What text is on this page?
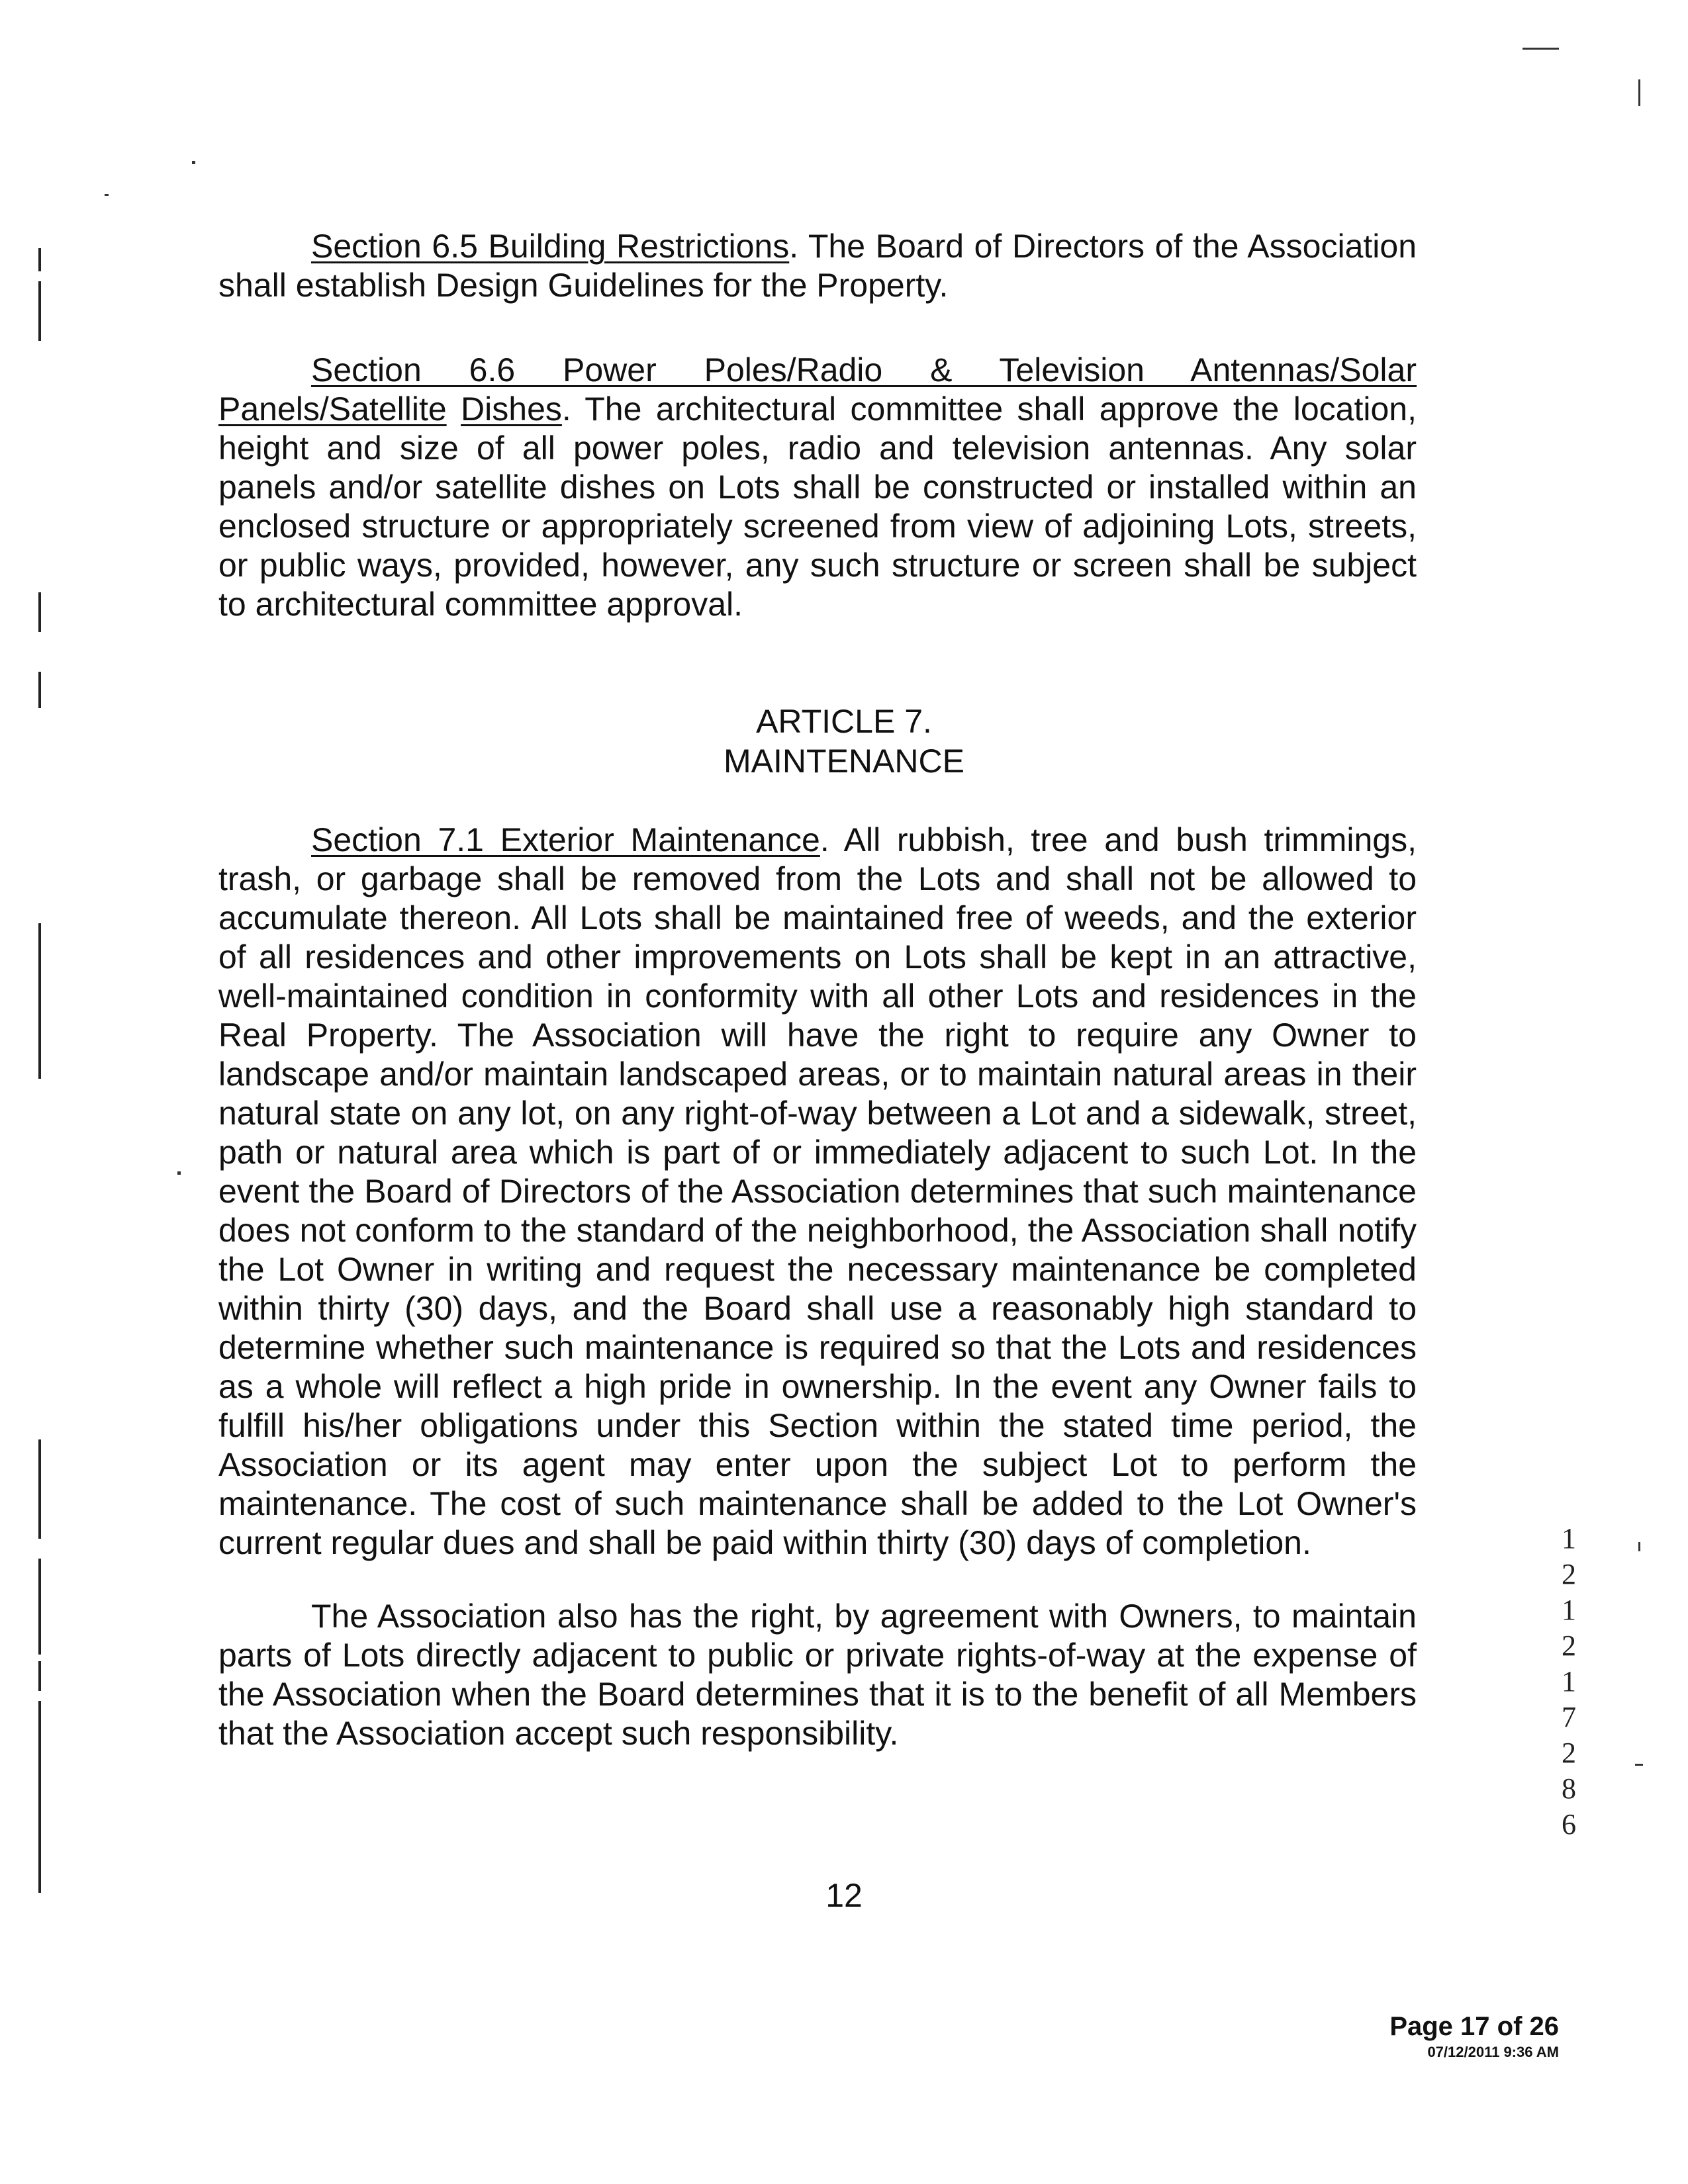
Section 6.5 Building Restrictions. The Board of Directors of the Association shall establish Design Guidelines for the Property.
Section 6.6 Power Poles/Radio & Television Antennas/Solar Panels/Satellite Dishes. The architectural committee shall approve the location, height and size of all power poles, radio and television antennas. Any solar panels and/or satellite dishes on Lots shall be constructed or installed within an enclosed structure or appropriately screened from view of adjoining Lots, streets, or public ways, provided, however, any such structure or screen shall be subject to architectural committee approval.
ARTICLE 7.
MAINTENANCE
Section 7.1 Exterior Maintenance. All rubbish, tree and bush trimmings, trash, or garbage shall be removed from the Lots and shall not be allowed to accumulate thereon. All Lots shall be maintained free of weeds, and the exterior of all residences and other improvements on Lots shall be kept in an attractive, well-maintained condition in conformity with all other Lots and residences in the Real Property. The Association will have the right to require any Owner to landscape and/or maintain landscaped areas, or to maintain natural areas in their natural state on any lot, on any right-of-way between a Lot and a sidewalk, street, path or natural area which is part of or immediately adjacent to such Lot. In the event the Board of Directors of the Association determines that such maintenance does not conform to the standard of the neighborhood, the Association shall notify the Lot Owner in writing and request the necessary maintenance be completed within thirty (30) days, and the Board shall use a reasonably high standard to determine whether such maintenance is required so that the Lots and residences as a whole will reflect a high pride in ownership. In the event any Owner fails to fulfill his/her obligations under this Section within the stated time period, the Association or its agent may enter upon the subject Lot to perform the maintenance. The cost of such maintenance shall be added to the Lot Owner's current regular dues and shall be paid within thirty (30) days of completion.
The Association also has the right, by agreement with Owners, to maintain parts of Lots directly adjacent to public or private rights-of-way at the expense of the Association when the Board determines that it is to the benefit of all Members that the Association accept such responsibility.
1
2
1
2
1
7
2
8
6
12
Page 17 of 26
07/12/2011 9:36 AM
